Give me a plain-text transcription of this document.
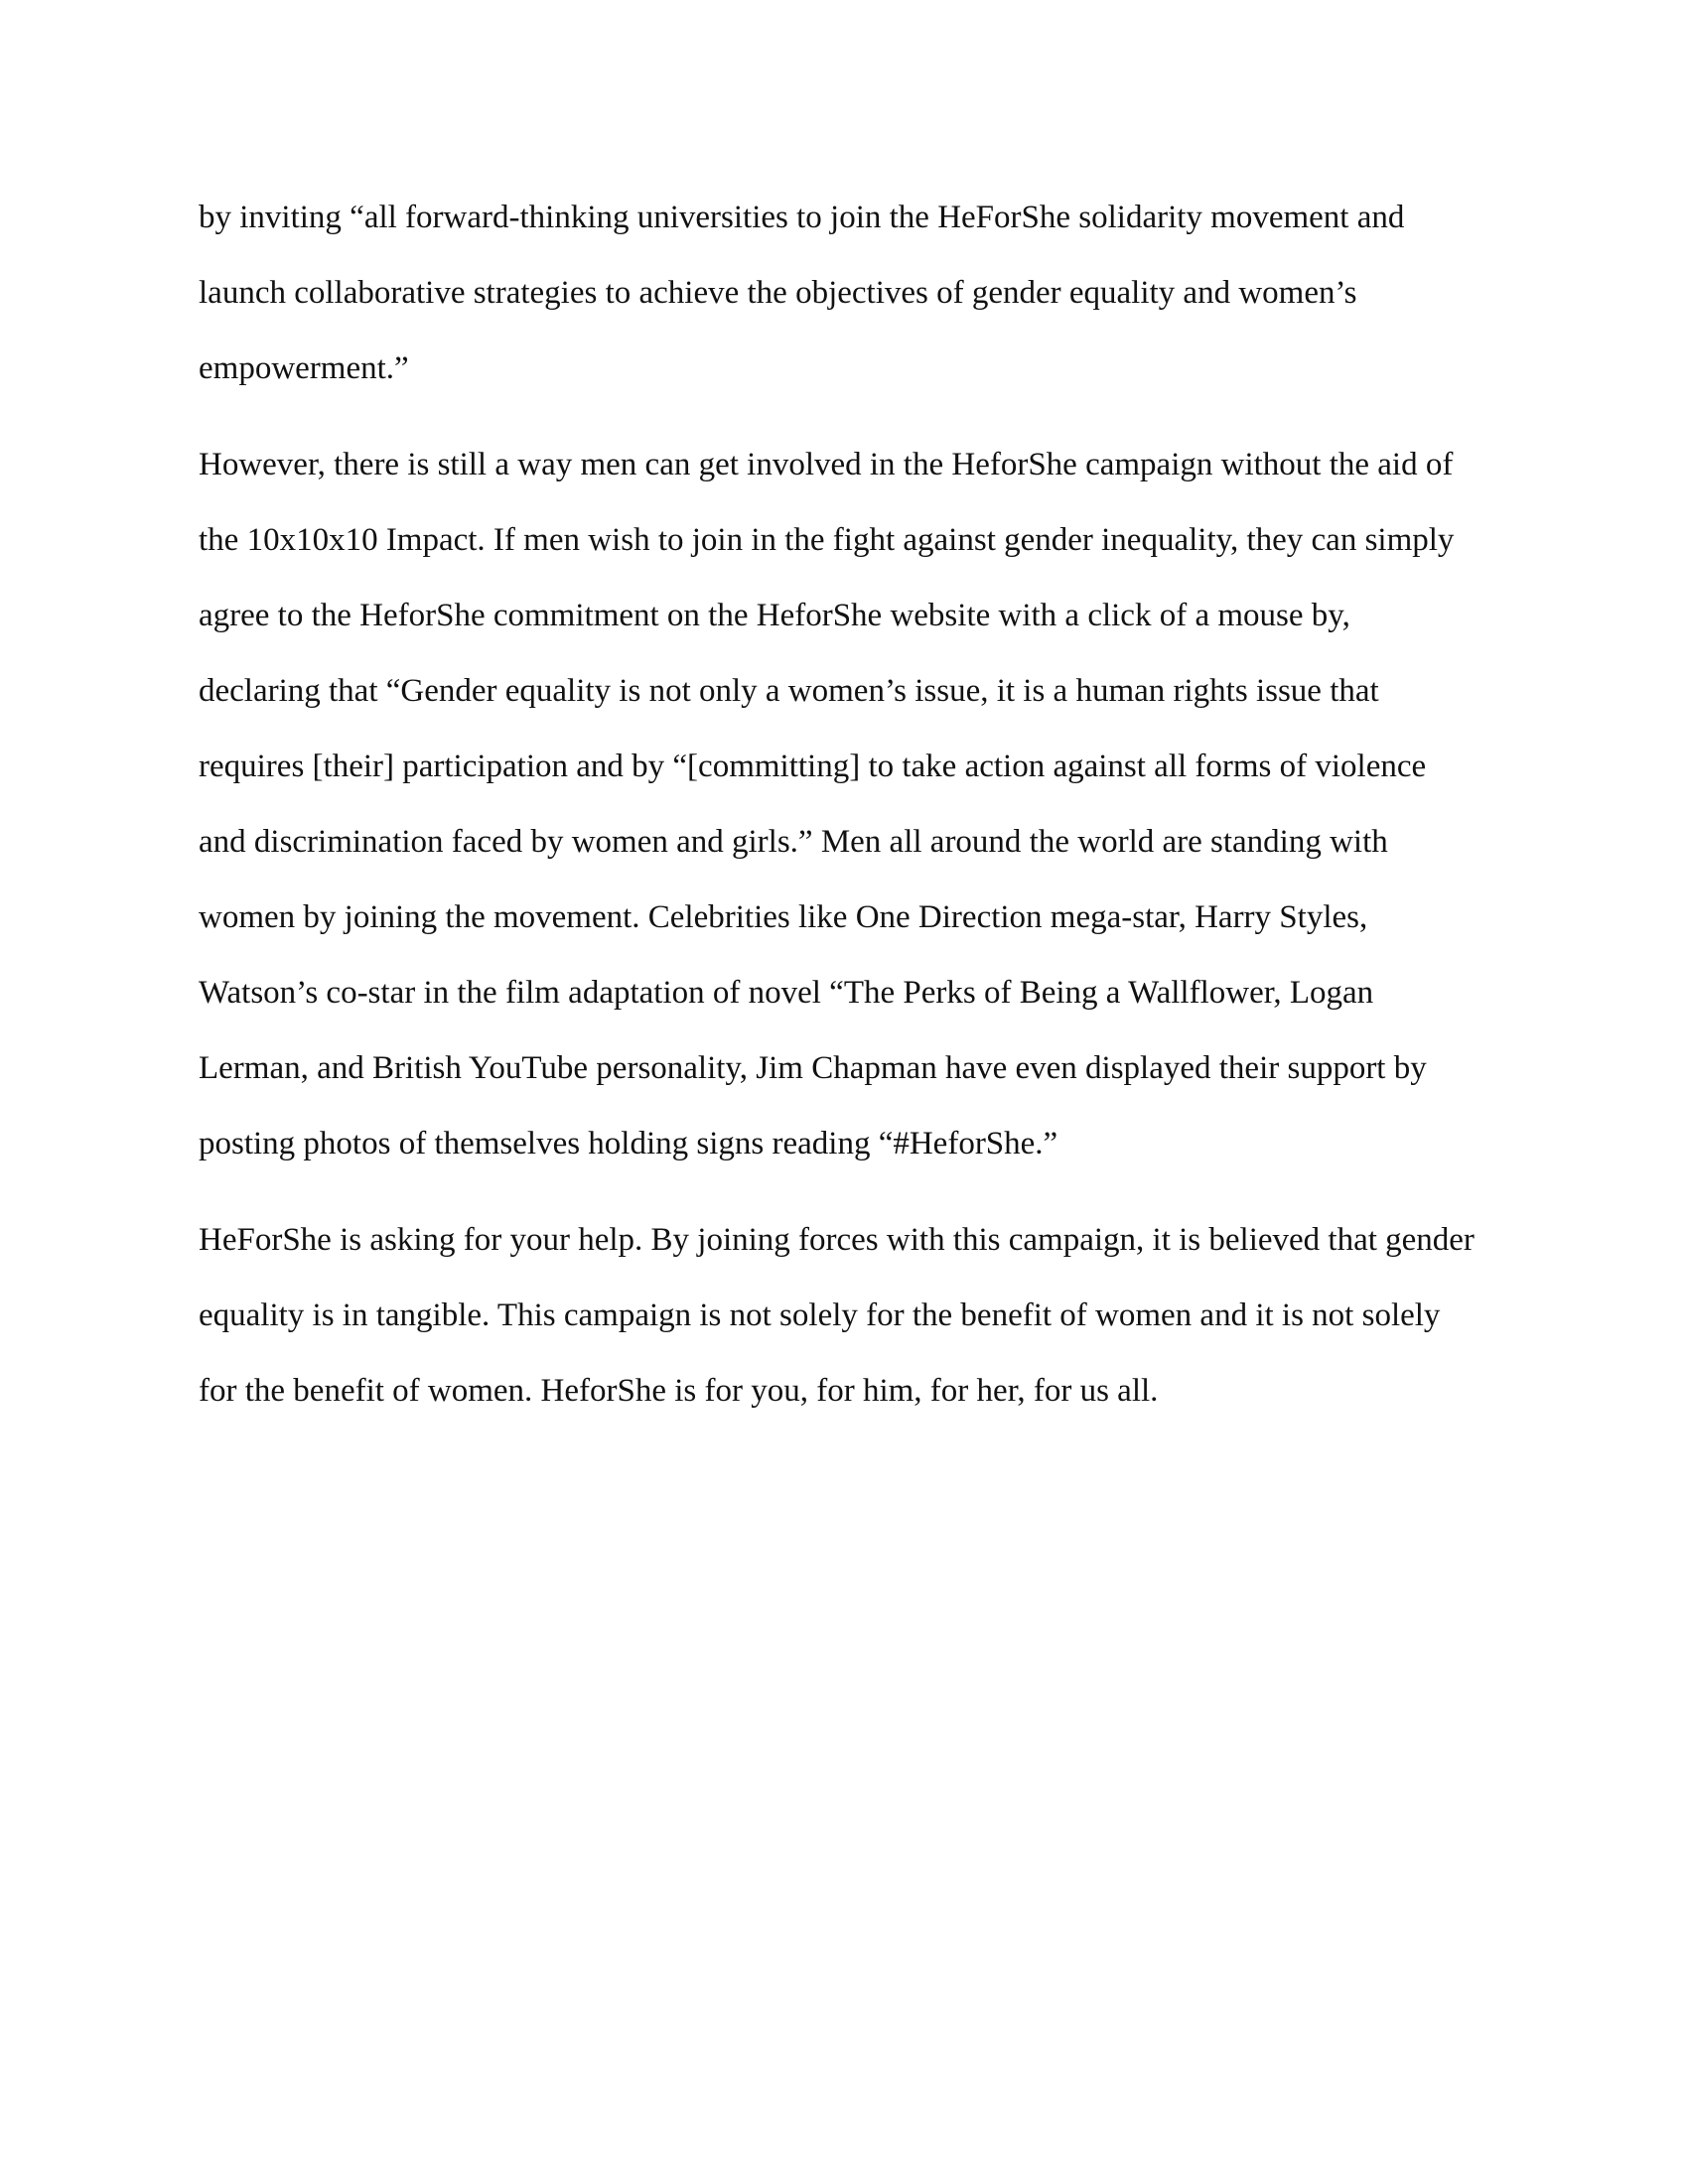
by inviting “all forward-thinking universities to join the HeForShe solidarity movement and
launch collaborative strategies to achieve the objectives of gender equality and women’s
empowerment.”
However, there is still a way men can get involved in the HeforShe campaign without the aid of
the 10x10x10 Impact. If men wish to join in the fight against gender inequality, they can simply
agree to the HeforShe commitment on the HeforShe website with a click of a mouse by,
declaring that “Gender equality is not only a women’s issue, it is a human rights issue that
requires [their] participation and by “[committing] to take action against all forms of violence
and discrimination faced by women and girls.” Men all around the world are standing with
women by joining the movement. Celebrities like One Direction mega-star, Harry Styles,
Watson’s co-star in the film adaptation of novel “The Perks of Being a Wallflower, Logan
Lerman, and British YouTube personality, Jim Chapman have even displayed their support by
posting photos of themselves holding signs reading “#HeforShe.”
HeForShe is asking for your help. By joining forces with this campaign, it is believed that gender
equality is in tangible. This campaign is not solely for the benefit of women and it is not solely
for the benefit of women. HeforShe is for you, for him, for her, for us all.
